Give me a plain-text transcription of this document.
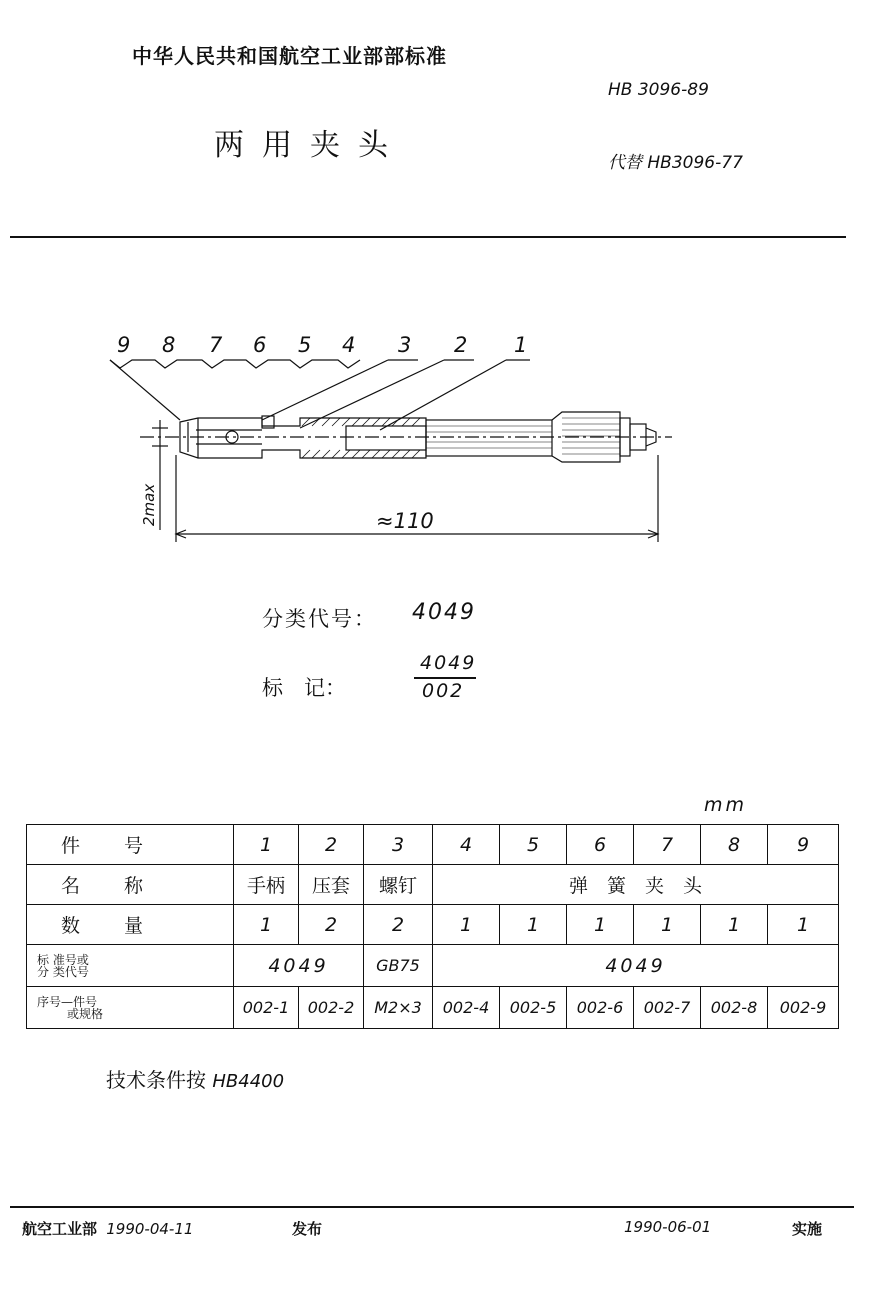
中华人民共和国航空工业部部标准
HB 3096-89
两用夹头	代替 HB3096-77
9 8 7 6 5 4 3 2 1
≈110
2max
分类代号： 4049
标　记：
4049
002
mm
件　　号	1	2	3	4	5	6	7	8	9
名　　称	手柄	压套	螺钉	弹　簧　夹　头					
数　　量	1	2	2	1	1	1	1	1	1

标 准号或
分 类代号	4049		GB75	4049					

序号—件号
或规格	002-1	002-2	M2×3	002-4	002-5	002-6	002-7	002-8	002-9
技术条件按 HB4400
航空工业部 1990-04-11	发布	1990-06-01	实施
